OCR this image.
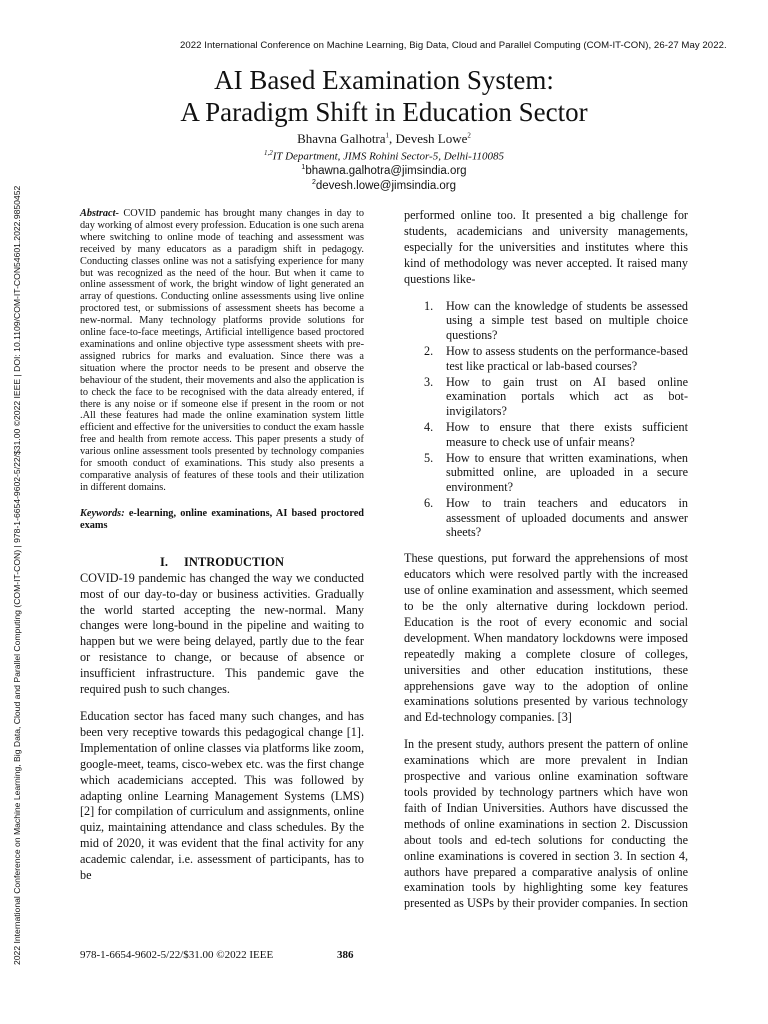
2022 International Conference on Machine Learning, Big Data, Cloud and Parallel Computing (COM-IT-CON), 26-27 May 2022.
2022 International Conference on Machine Learning, Big Data, Cloud and Parallel Computing (COM-IT-CON) | 978-1-6654-9602-5/22/$31.00 ©2022 IEEE | DOI: 10.1109/COM-IT-CON54601.2022.9850452
AI Based Examination System:
A Paradigm Shift in Education Sector
Bhavna Galhotra$^1$, Devesh Lowe$^2$
$^{1,2}$IT Department, JIMS Rohini Sector-5, Delhi-110085
$^1$bhawna.galhotra@jimsindia.org
$^2$devesh.lowe@jimsindia.org

Abstract- COVID pandemic has brought many changes in day to day working of almost every profession. Education is one such arena where switching to online mode of teaching and assessment was received by many educators as a paradigm shift in pedagogy. Conducting classes online was not a satisfying experience for many but was recognized as the need of the hour. But when it came to online assessment of work, the bright window of light generated an array of questions. Conducting online assessments using live online proctored test, or submissions of assessment sheets has become a new-normal. Many technology platforms provide solutions for online face-to-face meetings, Artificial intelligence based proctored examinations and online objective type assessment sheets with pre-assigned rubrics for marks and evaluation. Since there was a situation where the proctor needs to be present and observe the behaviour of the student, their movements and also the application is to check the face to be recognised with the data already entered, if there is any noise or if someone else if present in the room or not .All these features had made the online examination system little efficient and effective for the universities to conduct the exam hassle free and health from remote access. This paper presents a study of various online assessment tools presented by technology companies for smooth conduct of examinations. This study also presents a comparative analysis of features of these tools and their utilization in different domains.

Keywords: e-learning, online examinations, AI based proctored exams

I. INTRODUCTION

COVID-19 pandemic has changed the way we conducted most of our day-to-day or business activities. Gradually the world started accepting the new-normal. Many changes were long-bound in the pipeline and waiting to happen but we were being delayed, partly due to the fear or resistance to change, or because of absence or insufficient infrastructure. This pandemic gave the required push to such changes.

Education sector has faced many such changes, and has been very receptive towards this pedagogical change [1]. Implementation of online classes via platforms like zoom, google-meet, teams, cisco-webex etc. was the first change which academicians accepted. This was followed by adapting online Learning Management Systems (LMS) [2] for compilation of curriculum and assignments, online quiz, maintaining attendance and class schedules. By the mid of 2020, it was evident that the final activity for any academic calendar, i.e. assessment of participants, has to be

performed online too. It presented a big challenge for students, academicians and university managements, especially for the universities and institutes where this kind of methodology was never accepted. It raised many questions like-

1. How can the knowledge of students be assessed using a simple test based on multiple choice questions?
2. How to assess students on the performance-based test like practical or lab-based courses?
3. How to gain trust on AI based online examination portals which act as bot-invigilators?
4. How to ensure that there exists sufficient measure to check use of unfair means?
5. How to ensure that written examinations, when submitted online, are uploaded in a secure environment?
6. How to train teachers and educators in assessment of uploaded documents and answer sheets?

These questions, put forward the apprehensions of most educators which were resolved partly with the increased use of online examination and assessment, which seemed to be the only alternative during lockdown period. Education is the root of every economic and social development. When mandatory lockdowns were imposed repeatedly making a complete closure of colleges, universities and other education institutions, these apprehensions gave way to the adoption of online examinations solutions presented by various technology and Ed-technology companies. [3]

In the present study, authors present the pattern of online examinations which are more prevalent in Indian prospective and various online examination software tools provided by technology partners which have won faith of Indian Universities. Authors have discussed the methods of online examinations in section 2. Discussion about tools and ed-tech solutions for conducting the online examinations is covered in section 3. In section 4, authors have prepared a comparative analysis of online examination tools by highlighting some key features presented as USPs by their provider companies. In section

978-1-6654-9602-5/22/$31.00 ©2022 IEEE	386
